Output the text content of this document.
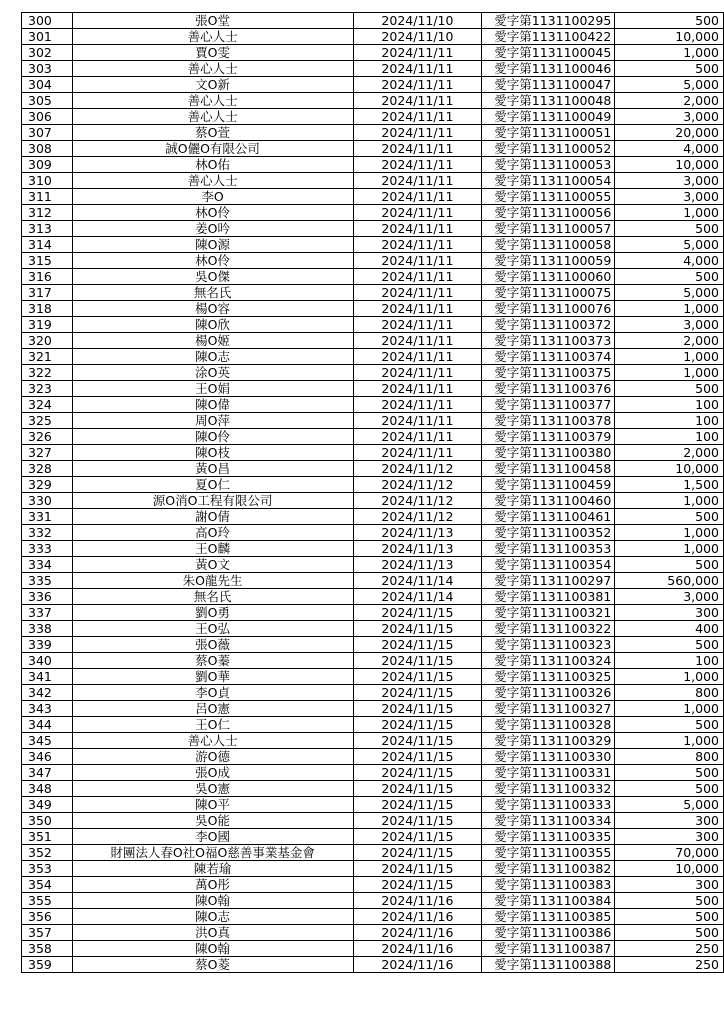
300	張O堂	2024/11/10	愛字第1131100295	500
301	善心人士	2024/11/10	愛字第1131100422	10,000
302	賈O雯	2024/11/11	愛字第1131100045	1,000
303	善心人士	2024/11/11	愛字第1131100046	500
304	文O新	2024/11/11	愛字第1131100047	5,000
305	善心人士	2024/11/11	愛字第1131100048	2,000
306	善心人士	2024/11/11	愛字第1131100049	3,000
307	蔡O萱	2024/11/11	愛字第1131100051	20,000
308	誠O儷O有限公司	2024/11/11	愛字第1131100052	4,000
309	林O佑	2024/11/11	愛字第1131100053	10,000
310	善心人士	2024/11/11	愛字第1131100054	3,000
311	李O	2024/11/11	愛字第1131100055	3,000
312	林O伶	2024/11/11	愛字第1131100056	1,000
313	姜O吟	2024/11/11	愛字第1131100057	500
314	陳O源	2024/11/11	愛字第1131100058	5,000
315	林O伶	2024/11/11	愛字第1131100059	4,000
316	吳O傑	2024/11/11	愛字第1131100060	500
317	無名氏	2024/11/11	愛字第1131100075	5,000
318	楊O容	2024/11/11	愛字第1131100076	1,000
319	陳O欣	2024/11/11	愛字第1131100372	3,000
320	楊O姬	2024/11/11	愛字第1131100373	2,000
321	陳O志	2024/11/11	愛字第1131100374	1,000
322	涂O英	2024/11/11	愛字第1131100375	1,000
323	王O娟	2024/11/11	愛字第1131100376	500
324	陳O偉	2024/11/11	愛字第1131100377	100
325	周O萍	2024/11/11	愛字第1131100378	100
326	陳O伶	2024/11/11	愛字第1131100379	100
327	陳O枝	2024/11/11	愛字第1131100380	2,000
328	黃O昌	2024/11/12	愛字第1131100458	10,000
329	夏O仁	2024/11/12	愛字第1131100459	1,500
330	源O消O工程有限公司	2024/11/12	愛字第1131100460	1,000
331	謝O倩	2024/11/12	愛字第1131100461	500
332	高O玲	2024/11/13	愛字第1131100352	1,000
333	王O麟	2024/11/13	愛字第1131100353	1,000
334	黃O文	2024/11/13	愛字第1131100354	500
335	朱O龍先生	2024/11/14	愛字第1131100297	560,000
336	無名氏	2024/11/14	愛字第1131100381	3,000
337	劉O勇	2024/11/15	愛字第1131100321	300
338	王O弘	2024/11/15	愛字第1131100322	400
339	張O薇	2024/11/15	愛字第1131100323	500
340	蔡O蓁	2024/11/15	愛字第1131100324	100
341	劉O華	2024/11/15	愛字第1131100325	1,000
342	李O貞	2024/11/15	愛字第1131100326	800
343	呂O憲	2024/11/15	愛字第1131100327	1,000
344	王O仁	2024/11/15	愛字第1131100328	500
345	善心人士	2024/11/15	愛字第1131100329	1,000
346	游O德	2024/11/15	愛字第1131100330	800
347	張O成	2024/11/15	愛字第1131100331	500
348	吳O憲	2024/11/15	愛字第1131100332	500
349	陳O平	2024/11/15	愛字第1131100333	5,000
350	吳O能	2024/11/15	愛字第1131100334	300
351	李O國	2024/11/15	愛字第1131100335	300
352	財團法人春O社O福O慈善事業基金會	2024/11/15	愛字第1131100355	70,000
353	陳若瑜	2024/11/15	愛字第1131100382	10,000
354	萬O彤	2024/11/15	愛字第1131100383	300
355	陳O翰	2024/11/16	愛字第1131100384	500
356	陳O志	2024/11/16	愛字第1131100385	500
357	洪O真	2024/11/16	愛字第1131100386	500
358	陳O翰	2024/11/16	愛字第1131100387	250
359	蔡O菱	2024/11/16	愛字第1131100388	250
